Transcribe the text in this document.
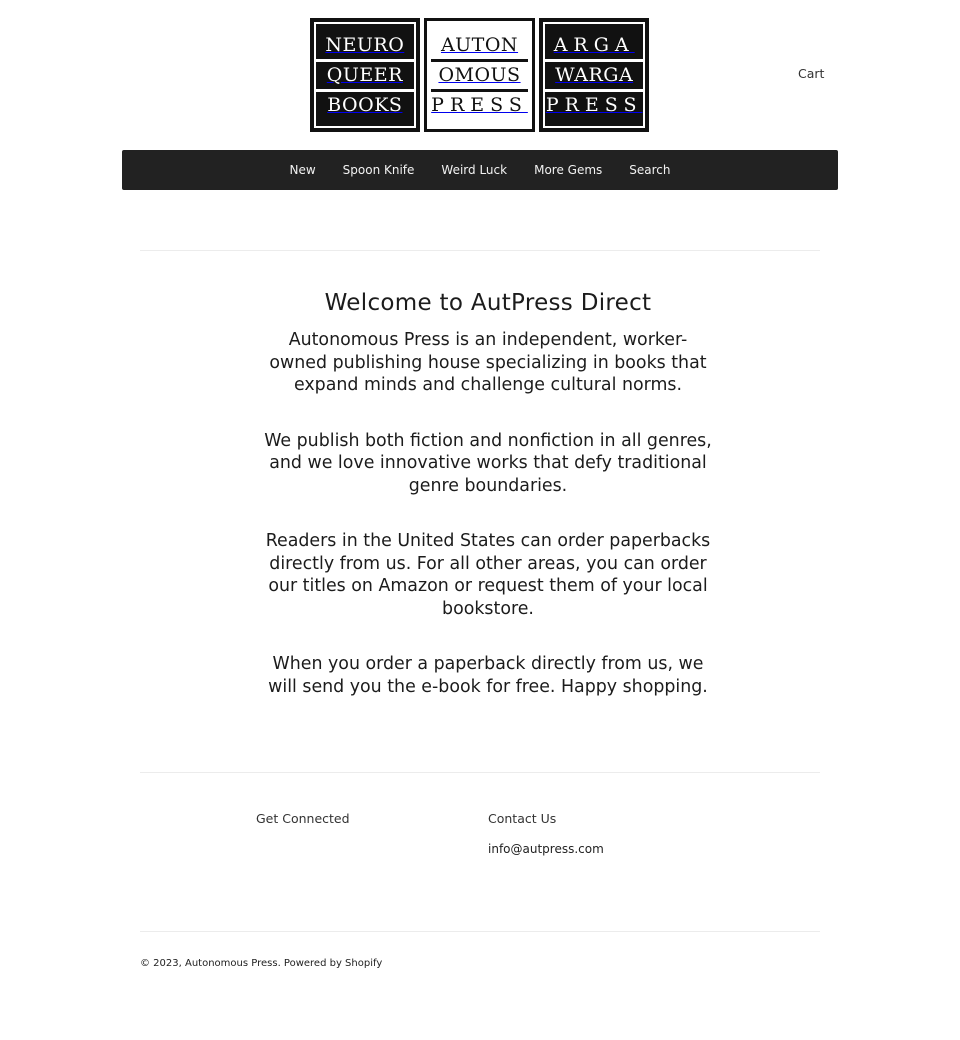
NEURO
QUEER
BOOKS
AUTON
OMOUS
PRESS
ARGA
WARGA
PRESS
Cart
New Spoon Knife Weird Luck More Gems Search
Welcome to AutPress Direct

Autonomous Press is an independent, worker-owned publishing house specializing in books that expand minds and challenge cultural norms.

We publish both fiction and nonfiction in all genres, and we love innovative works that defy traditional genre boundaries.

Readers in the United States can order paperbacks directly from us. For all other areas, you can order our titles on Amazon or request them of your local bookstore.

When you order a paperback directly from us, we will send you the e-book for free. Happy shopping.

Get Connected	Contact Us
info@autpress.com
© 2023, Autonomous Press. Powered by Shopify
